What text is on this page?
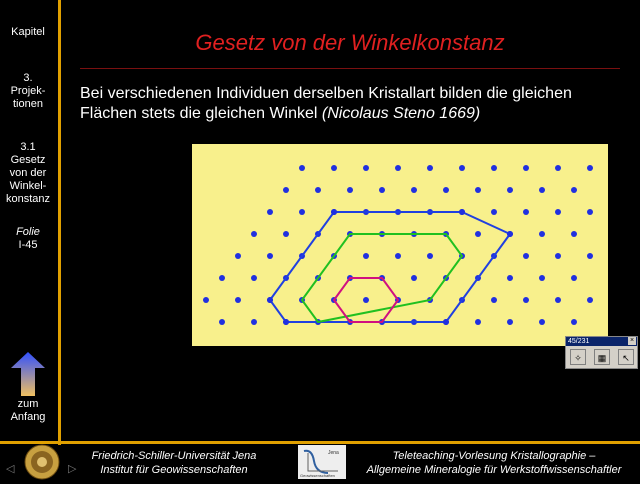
Kapitel
3.
Projek-
tionen
3.1
Gesetz
von der
Winkel-
konstanz
Folie
I-45
zum
Anfang
Gesetz von der Winkelkonstanz
Bei verschiedenen Individuen derselben Kristallart bilden die gleichen
Flächen stets die gleichen Winkel (Nicolaus Steno 1669)
◁	▷
Friedrich-Schiller-Universität Jena
Institut für Geowissenschaften
Jena
Geowissenschaften
Teleteaching-Vorlesung Kristallographie –
Allgemeine Mineralogie für Werkstoffwissenschaftler
45/231	×
✧	▦	↖
